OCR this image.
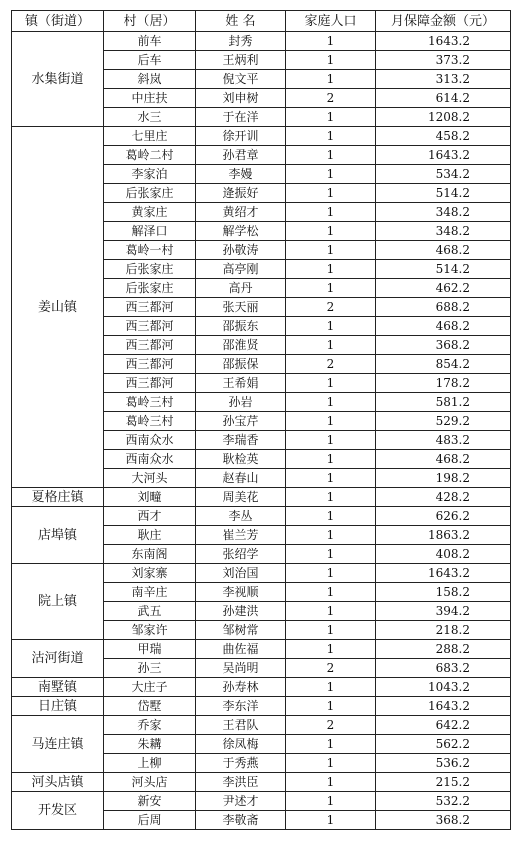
镇（街道）	村（居）	姓 名	家庭人口	月保障金额（元）
水集街道	前车	封秀	1	1643.2
	后车	王炳利	1	373.2
	斜岚	倪文平	1	313.2
	中庄扶	刘申树	2	614.2
	水三	于在洋	1	1208.2
姜山镇	七里庄	徐开训	1	458.2
	葛岭二村	孙君章	1	1643.2
	李家泊	李嫚	1	534.2
	后张家庄	逄振好	1	514.2
	黄家庄	黄绍才	1	348.2
	解泽口	解学松	1	348.2
	葛岭一村	孙敬涛	1	468.2
	后张家庄	高亭刚	1	514.2
	后张家庄	高丹	1	462.2
	西三都河	张天丽	2	688.2
	西三都河	邵振东	1	468.2
	西三都河	邵淮贤	1	368.2
	西三都河	邵振保	2	854.2
	西三都河	王希娟	1	178.2
	葛岭三村	孙岩	1	581.2
	葛岭三村	孙宝芹	1	529.2
	西南众水	李瑞香	1	483.2
	西南众水	耿检英	1	468.2
	大河头	赵春山	1	198.2
夏格庄镇	刘疃	周美花	1	428.2
店埠镇	西才	李丛	1	626.2
	耿庄	崔兰芳	1	1863.2
	东南阁	张绍学	1	408.2
院上镇	刘家寨	刘治国	1	1643.2
	南辛庄	李视顺	1	158.2
	武五	孙建洪	1	394.2
	邹家许	邹树常	1	218.2
沽河街道	甲瑞	曲佐福	1	288.2
	孙三	吴尚明	2	683.2
南墅镇	大庄子	孙寿林	1	1043.2
日庄镇	岱墅	李东洋	1	1643.2
马连庄镇	乔家	王君队	2	642.2
	朱耩	徐凤梅	1	562.2
	上柳	于秀燕	1	536.2
河头店镇	河头店	李洪臣	1	215.2
开发区	新安	尹述才	1	532.2
	后周	李敬斋	1	368.2
